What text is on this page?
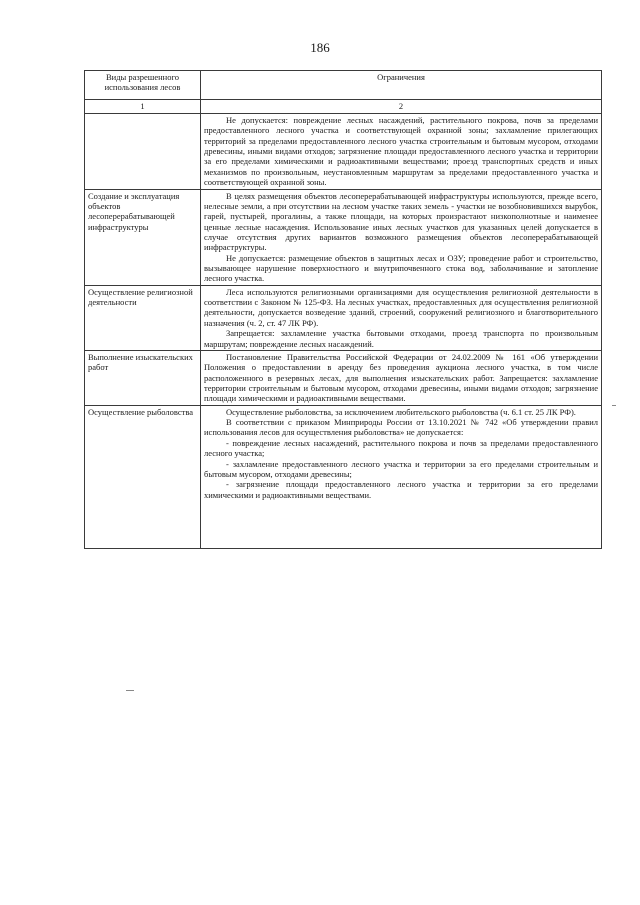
186
Виды разрешенного использования лесов	Ограничения
1	2

	Не допускается: повреждение лесных насаждений, растительного покрова, почв за пределами предоставленного лесного участка и соответствующей охранной зоны; захламление прилегающих территорий за пределами предоставленного лесного участка строительным и бытовым мусором, отходами древесины, иными видами отходов; загрязнение площади предоставленного лесного участка и территории за его пределами химическими и радиоактивными веществами; проезд транспортных средств и иных механизмов по произвольным, неустановленным маршрутам за пределами предоставленного участка и соответствующей охранной зоны.

Создание и эксплуатация объектов лесоперерабатывающей инфраструктуры	В целях размещения объектов лесоперерабатывающей инфраструктуры используются, прежде всего, нелесные земли, а при отсутствии на лесном участке таких земель - участки не возобновившихся вырубок, гарей, пустырей, прогалины, а также площади, на которых произрастают низкополнотные и наименее ценные лесные насаждения. Использование иных лесных участков для указанных целей допускается в случае отсутствия других вариантов возможного размещения объектов лесоперерабатывающей инфраструктуры.

Не допускается: размещение объектов в защитных лесах и ОЗУ; проведение работ и строительство, вызывающее нарушение поверхностного и внутрипочвенного стока вод, заболачивание и затопление лесного участка.

Осуществление религиозной деятельности	Леса используются религиозными организациями для осуществления религиозной деятельности в соответствии с Законом № 125-ФЗ. На лесных участках, предоставленных для осуществления религиозной деятельности, допускается возведение зданий, строений, сооружений религиозного и благотворительного назначения (ч. 2, ст. 47 ЛК РФ).

Запрещается: захламление участка бытовыми отходами, проезд транспорта по произвольным маршрутам; повреждение лесных насаждений.

Выполнение изыскательских работ	Постановление Правительства Российской Федерации от 24.02.2009 № 161 «Об утверждении Положения о предоставлении в аренду без проведения аукциона лесного участка, в том числе расположенного в резервных лесах, для выполнения изыскательских работ. Запрещается: захламление территории строительным и бытовым мусором, отходами древесины, иными видами отходов; загрязнение площади химическими и радиоактивными веществами.

Осуществление рыболовства	Осуществление рыболовства, за исключением любительского рыболовства (ч. 6.1 ст. 25 ЛК РФ).

В соответствии с приказом Минприроды России от 13.10.2021 № 742 «Об утверждении правил использования лесов для осуществления рыболовства» не допускается:

- повреждение лесных насаждений, растительного покрова и почв за пределами предоставленного лесного участка;

- захламление предоставленного лесного участка и территории за его пределами строительным и бытовым мусором, отходами древесины;

- загрязнение площади предоставленного лесного участка и территории за его пределами химическими и радиоактивными веществами.
